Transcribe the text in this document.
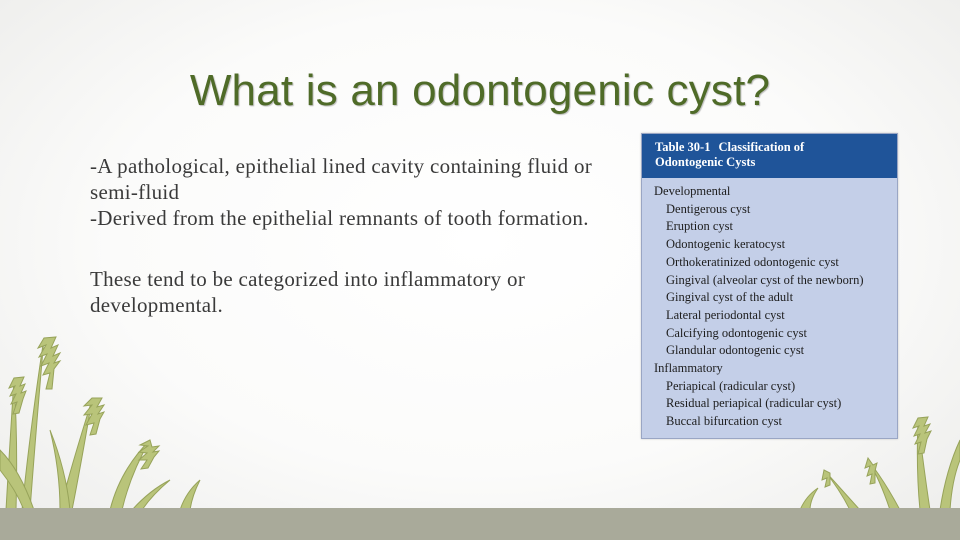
What is an odontogenic cyst?

-A pathological, epithelial lined cavity containing fluid or semi-fluid

-Derived from the epithelial remnants of tooth formation.

These tend to be categorized into inflammatory or developmental.

Table 30-1 Classification of
Odontogenic Cysts
Developmental
Dentigerous cyst
Eruption cyst
Odontogenic keratocyst
Orthokeratinized odontogenic cyst
Gingival (alveolar cyst of the newborn)
Gingival cyst of the adult
Lateral periodontal cyst
Calcifying odontogenic cyst
Glandular odontogenic cyst
Inflammatory
Periapical (radicular cyst)
Residual periapical (radicular cyst)
Buccal bifurcation cyst
